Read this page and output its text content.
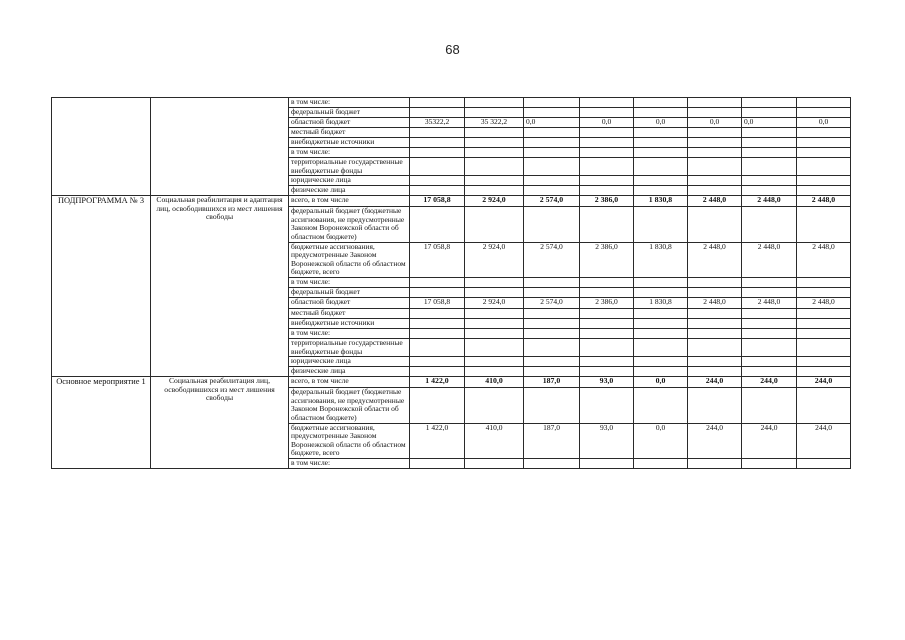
68
		в том числе:								
		федеральный бюджет								
		областной бюджет	35322,2	35 322,2	0,0	0,0	0,0	0,0	0,0	0,0
		местный бюджет								
		внебюджетные источники								
		в том числе:								
		территориальные государственные внебюджетные фонды								
		юридические лица								
		физические лица								
ПОДПРОГРАММА № 3	Социальная реабилитация и адаптация лиц, освободившихся из мест лишения свободы	всего, в том числе	17 058,8	2 924,0	2 574,0	2 386,0	1 830,8	2 448,0	2 448,0	2 448,0
		федеральный бюджет (бюджетные ассигнования, не предусмотренные Законом Воронежской области об областном бюджете)								
		бюджетные ассигнования, предусмотренные Законом Воронежской области об областном бюджете, всего	17 058,8	2 924,0	2 574,0	2 386,0	1 830,8	2 448,0	2 448,0	2 448,0
		в том числе:								
		федеральный бюджет								
		областной бюджет	17 058,8	2 924,0	2 574,0	2 386,0	1 830,8	2 448,0	2 448,0	2 448,0
		местный бюджет								
		внебюджетные источники								
		в том числе:								
		территориальные государственные внебюджетные фонды								
		юридические лица								
		физические лица								
Основное мероприятие 1	Социальная реабилитация лиц, освободившихся из мест лишения свободы	всего, в том числе	1 422,0	410,0	187,0	93,0	0,0	244,0	244,0	244,0
		федеральный бюджет (бюджетные ассигнования, не предусмотренные Законом Воронежской области об областном бюджете)								
		бюджетные ассигнования, предусмотренные Законом Воронежской области об областном бюджете, всего	1 422,0	410,0	187,0	93,0	0,0	244,0	244,0	244,0
		в том числе:								
